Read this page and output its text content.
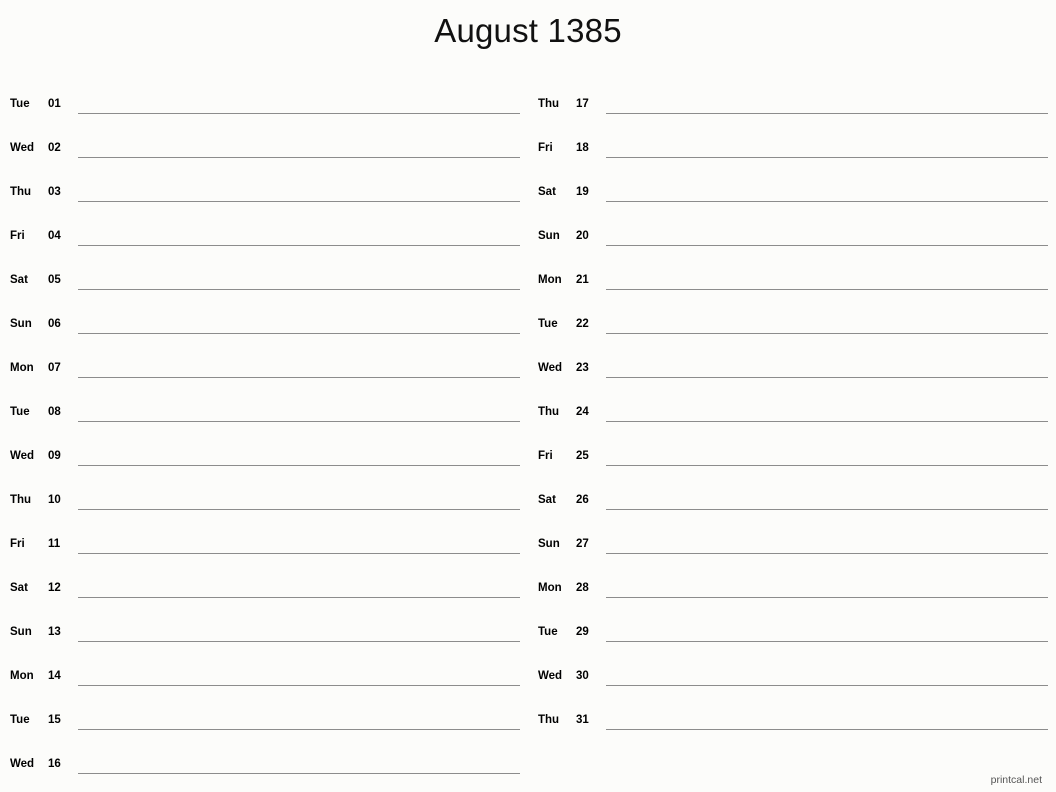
August 1385
Tue	01
Wed	02
Thu	03
Fri	04
Sat	05
Sun	06
Mon	07
Tue	08
Wed	09
Thu	10
Fri	11
Sat	12
Sun	13
Mon	14
Tue	15
Wed	16
Thu	17
Fri	18
Sat	19
Sun	20
Mon	21
Tue	22
Wed	23
Thu	24
Fri	25
Sat	26
Sun	27
Mon	28
Tue	29
Wed	30
Thu	31
printcal.net
